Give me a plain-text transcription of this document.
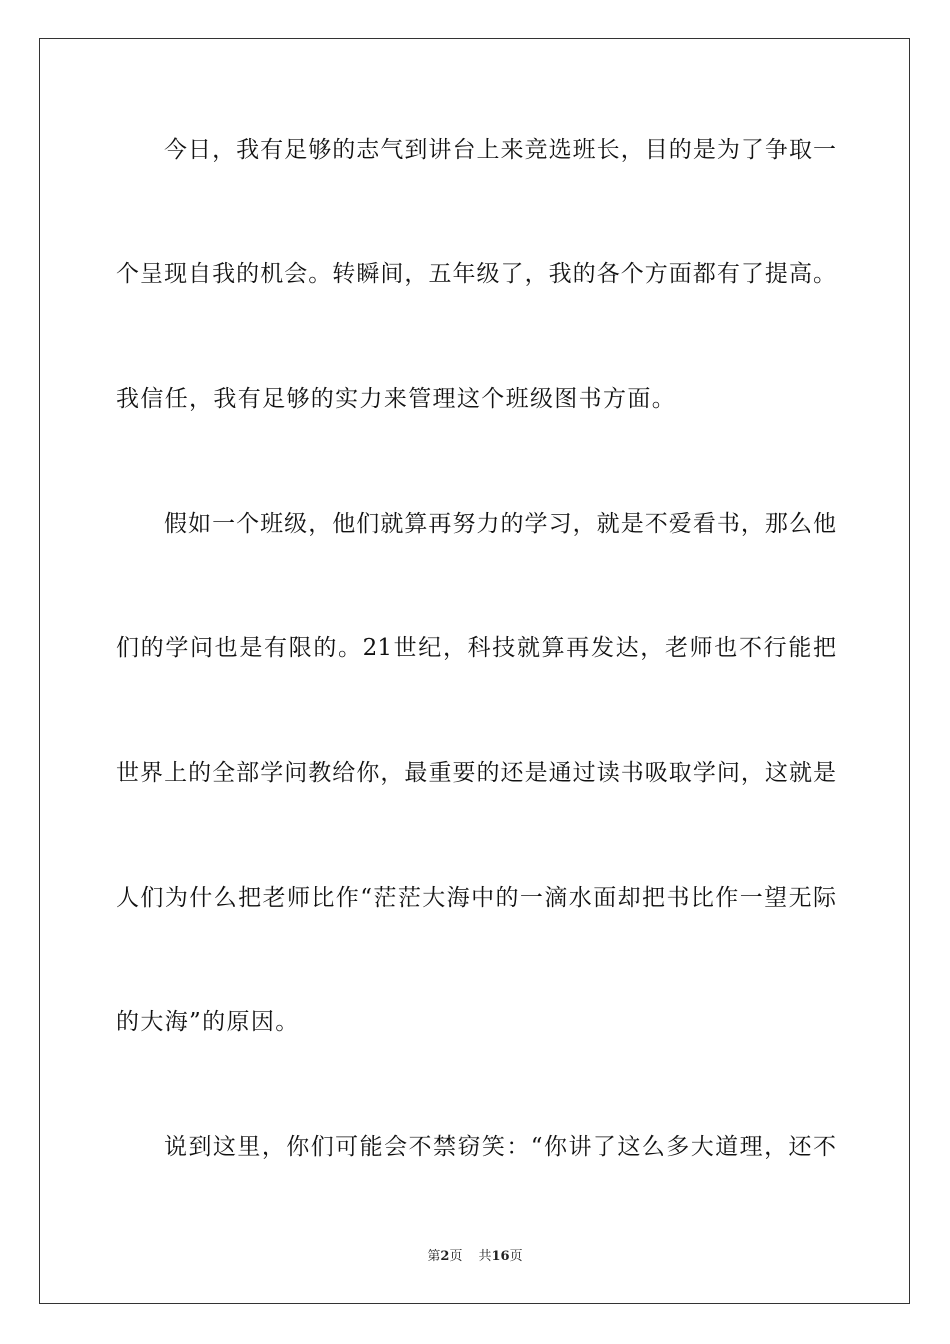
今日，我有足够的志气到讲台上来竞选班长，目的是为了争取一
个呈现自我的机会。转瞬间，五年级了，我的各个方面都有了提高。
我信任，我有足够的实力来管理这个班级图书方面。
假如一个班级，他们就算再努力的学习，就是不爱看书，那么他
们的学问也是有限的。21世纪，科技就算再发达，老师也不行能把
世界上的全部学问教给你，最重要的还是通过读书吸取学问，这就是
人们为什么把老师比作“茫茫大海中的一滴水面却把书比作一望无际
的大海”的原因。
说到这里，你们可能会不禁窃笑：“你讲了这么多大道理，还不
第2页 共16页
